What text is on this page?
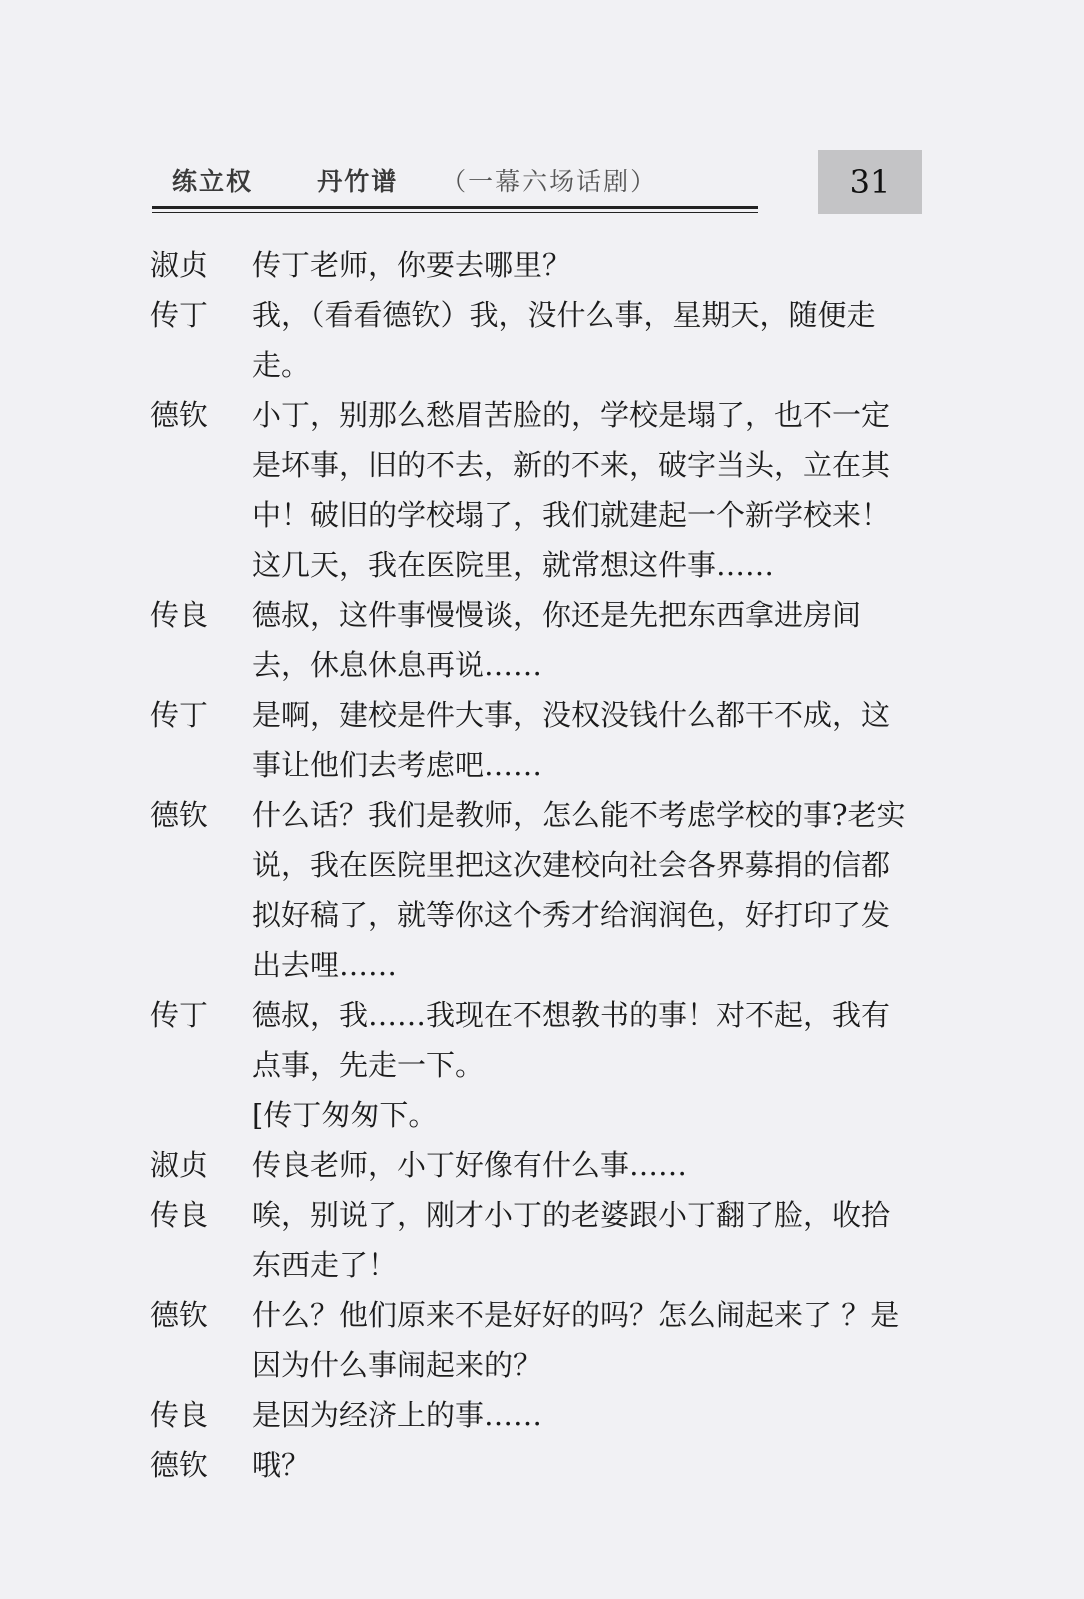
练立权	丹竹谱 （一幕六场话剧）	31
淑贞	传丁老师，你要去哪里？
传丁	我，（看看德钦）我，没什么事，星期天，随便走走。
德钦	小丁，别那么愁眉苦脸的，学校是塌了，也不一定是坏事，旧的不去，新的不来，破字当头，立在其中！破旧的学校塌了，我们就建起一个新学校来！这几天，我在医院里，就常想这件事……
传良	德叔，这件事慢慢谈，你还是先把东西拿进房间去，休息休息再说……
传丁	是啊，建校是件大事，没权没钱什么都干不成，这事让他们去考虑吧……
德钦	什么话？我们是教师，怎么能不考虑学校的事?老实说，我在医院里把这次建校向社会各界募捐的信都拟好稿了，就等你这个秀才给润润色，好打印了发出去哩……
传丁	德叔，我……我现在不想教书的事！对不起，我有点事，先走一下。
[传丁匆匆下。
淑贞	传良老师，小丁好像有什么事……
传良	唉，别说了，刚才小丁的老婆跟小丁翻了脸，收拾东西走了！
德钦	什么？他们原来不是好好的吗？怎么闹起来了 ？是因为什么事闹起来的？
传良	是因为经济上的事……
德钦	哦？
